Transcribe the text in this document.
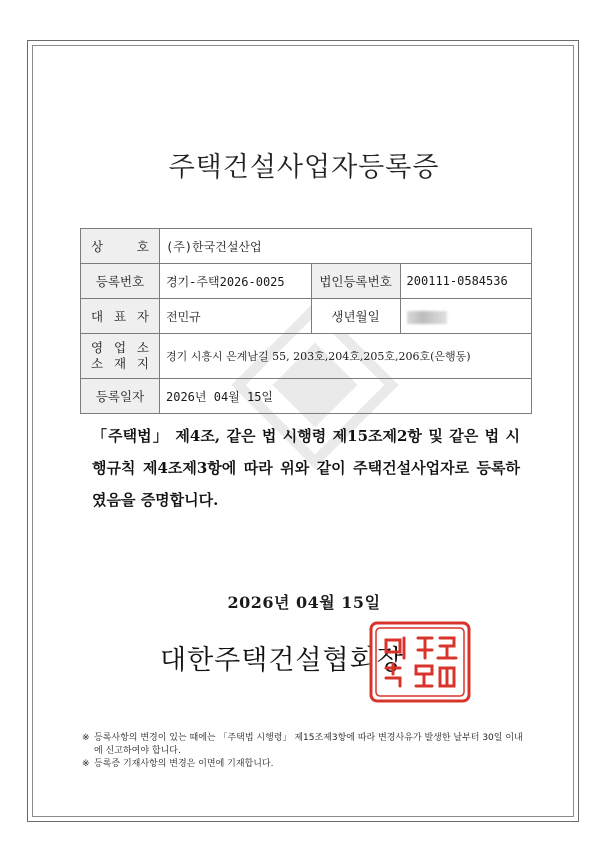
주택건설사업자등록증
상 호	(주)한국건설산업		
등록번호	경기-주택2026-0025	법인등록번호	200111-0584536
대 표 자	전민규	생년월일	

영 업 소
소 재 지	경기 시흥시 은계남길 55, 203호,204호,205호,206호(은행동)		
등록일자	2026년 04월 15일		
「주택법」 제4조, 같은 법 시행령 제15조제2항 및 같은 법 시행규칙 제4조제3항에 따라 위와 같이 주택건설사업자로 등록하였음을 증명합니다.
2026년 04월 15일
대한주택건설협회장
※ 등록사항의 변경이 있는 때에는 「주택법 시행령」 제15조제3항에 따라 변경사유가 발생한 날부터 30일 이내에 신고하여야 합니다.
※ 등록증 기재사항의 변경은 이면에 기재합니다.
